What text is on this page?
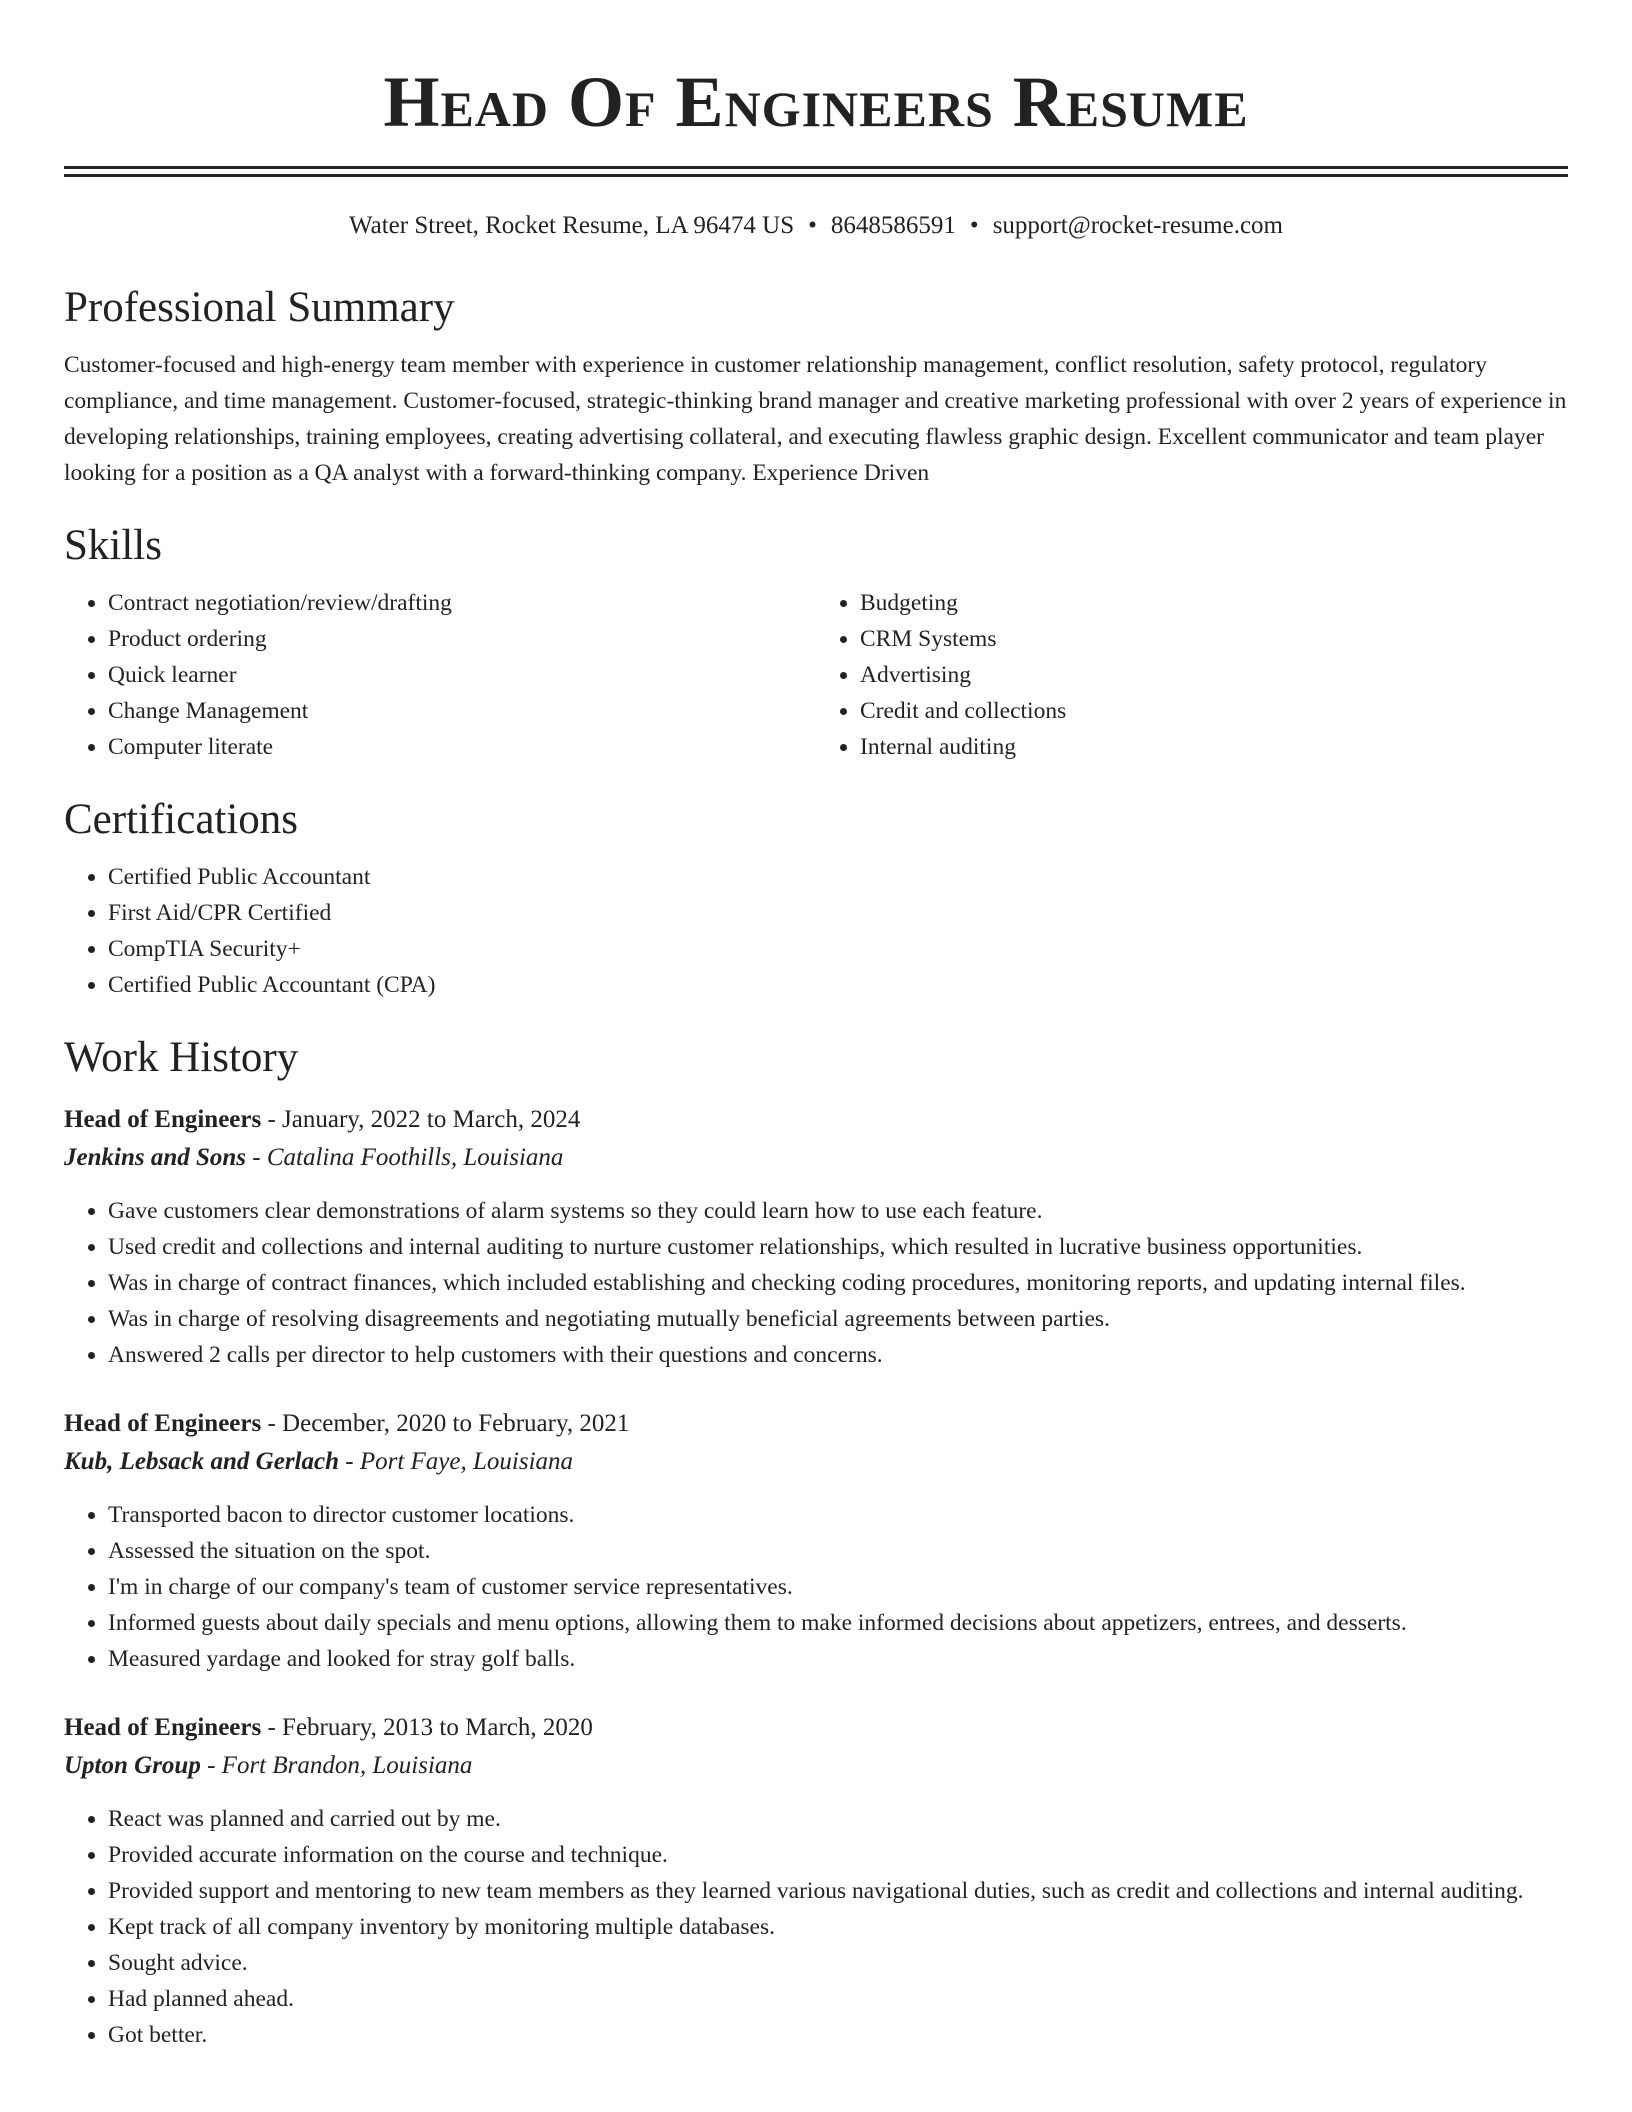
Head Of Engineers Resume
Water Street, Rocket Resume, LA 96474 US • 8648586591 • support@rocket-resume.com
Professional Summary

Customer-focused and high-energy team member with experience in customer relationship management, conflict resolution, safety protocol, regulatory compliance, and time management. Customer-focused, strategic-thinking brand manager and creative marketing professional with over 2 years of experience in developing relationships, training employees, creating advertising collateral, and executing flawless graphic design. Excellent communicator and team player looking for a position as a QA analyst with a forward-thinking company. Experience Driven

Skills
• Contract negotiation/review/drafting
• Product ordering
• Quick learner
• Change Management
• Computer literate
• Budgeting
• CRM Systems
• Advertising
• Credit and collections
• Internal auditing
Certifications
• Certified Public Accountant
• First Aid/CPR Certified
• CompTIA Security+
• Certified Public Accountant (CPA)
Work History
Head of Engineers - January, 2022 to March, 2024
Jenkins and Sons - Catalina Foothills, Louisiana
• Gave customers clear demonstrations of alarm systems so they could learn how to use each feature.
• Used credit and collections and internal auditing to nurture customer relationships, which resulted in lucrative business opportunities.
• Was in charge of contract finances, which included establishing and checking coding procedures, monitoring reports, and updating internal files.
• Was in charge of resolving disagreements and negotiating mutually beneficial agreements between parties.
• Answered 2 calls per director to help customers with their questions and concerns.
Head of Engineers - December, 2020 to February, 2021
Kub, Lebsack and Gerlach - Port Faye, Louisiana
• Transported bacon to director customer locations.
• Assessed the situation on the spot.
• I'm in charge of our company's team of customer service representatives.
• Informed guests about daily specials and menu options, allowing them to make informed decisions about appetizers, entrees, and desserts.
• Measured yardage and looked for stray golf balls.
Head of Engineers - February, 2013 to March, 2020
Upton Group - Fort Brandon, Louisiana
• React was planned and carried out by me.
• Provided accurate information on the course and technique.
• Provided support and mentoring to new team members as they learned various navigational duties, such as credit and collections and internal auditing.
• Kept track of all company inventory by monitoring multiple databases.
• Sought advice.
• Had planned ahead.
• Got better.
